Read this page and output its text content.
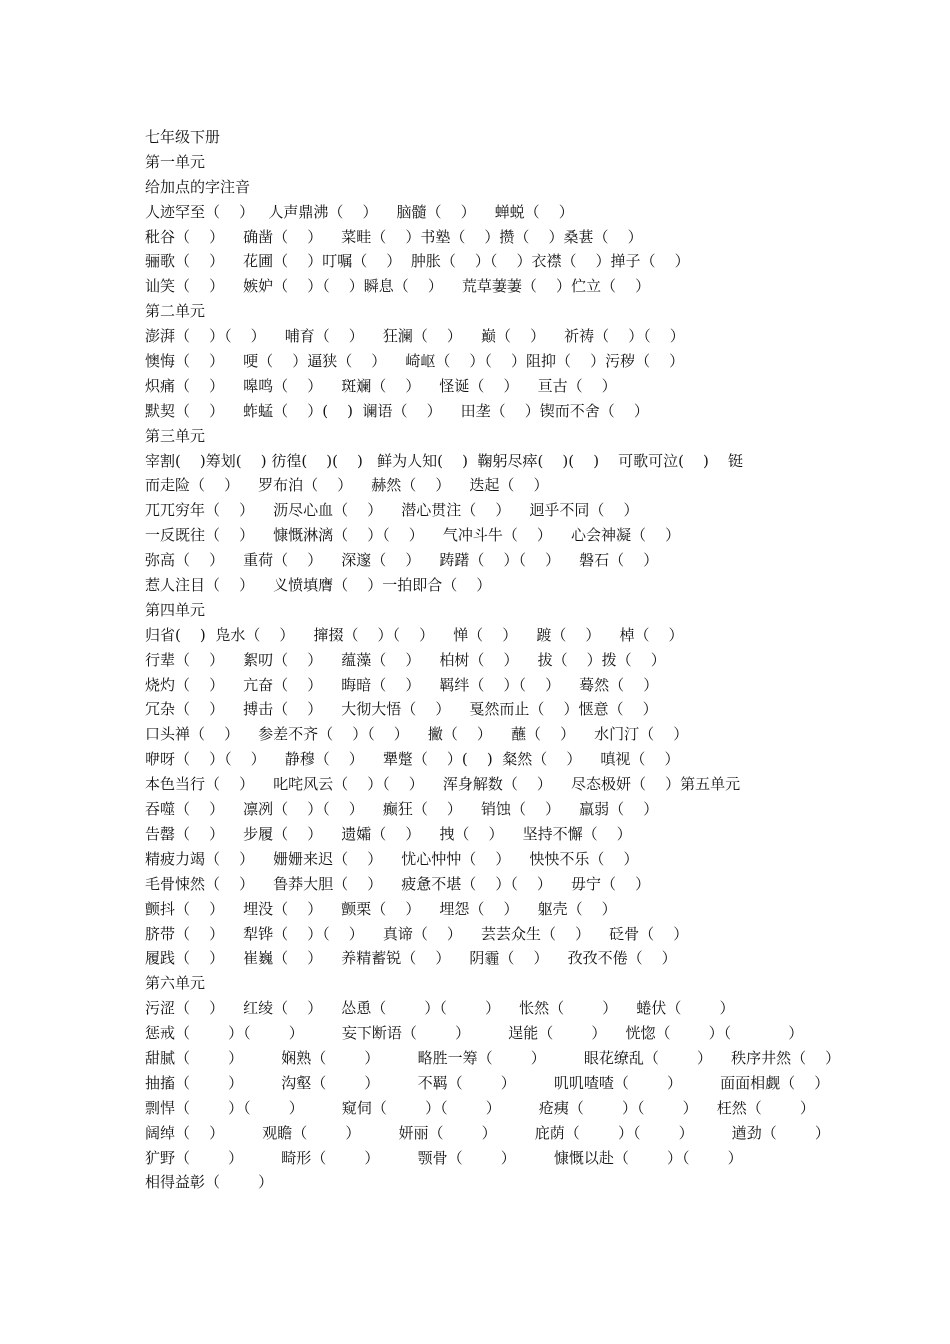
七年级下册
第一单元
给加点的字注音
人迹罕至（    ）   人声鼎沸（    ）    脑髓（    ）    蝉蜕（    ）
秕谷（    ）    确凿（    ）    菜畦（    ）书塾（    ）攒（    ）桑葚（    ）
骊歌（    ）    花圃（    ）叮嘱（    ）  肿胀（    ）（    ）衣襟（    ）掸子（    ）
讪笑（    ）    嫉妒（    ）（    ）瞬息（    ）    荒草萋萋（    ）伫立（    ）
第二单元
澎湃（    ）（    ）    哺育（    ）    狂澜（    ）    巅（    ）    祈祷（    ）（    ）
懊悔（    ）    哽（    ）逼狭（    ）    崎岖（    ）（    ）阻抑（    ）污秽（    ）
炽痛（    ）    嗥鸣（    ）    斑斓（    ）    怪诞（    ）    亘古（    ）
默契（    ）    蚱蜢（    ）(    )  谰语（    ）    田垄（    ）锲而不舍（    ）
第三单元
宰割(    )筹划(    ) 彷徨(    )(    )   鲜为人知(    )  鞠躬尽瘁(    )(    )    可歌可泣(    )    铤
而走险（    ）    罗布泊（    ）    赫然（    ）    迭起（    ）
兀兀穷年（    ）    沥尽心血（    ）    潜心贯注（    ）    迥乎不同（    ）
一反既往（    ）    慷慨淋漓（    ）（    ）    气冲斗牛（    ）    心会神凝（    ）
弥高（    ）    重荷（    ）    深邃（    ）    踌躇（    ）（    ）    磐石（    ）
惹人注目（    ）    义愤填膺（    ）一拍即合（    ）
第四单元
归省(    )  凫水（    ）    撺掇（    ）（    ）    惮（    ）    踱（    ）    棹（    ）
行辈（    ）    絮叨（    ）    蕴藻（    ）    柏树（    ）    拔（    ）拨（    ）
烧灼（    ）    亢奋（    ）    晦暗（    ）    羁绊（    ）（    ）    蓦然（    ）
冗杂（    ）    搏击（    ）    大彻大悟（    ）    戛然而止（    ）惬意（    ）
口头禅（    ）    参差不齐（    ）（    ）    撇（    ）    蘸（    ）    水门汀（    ）
咿呀（    ）（    ）    静穆（    ）    犟蹩（    ）(    )  粲然（    ）    嗔视（    ）
本色当行（    ）    叱咤风云（    ）（    ）    浑身解数（    ）    尽态极妍（    ）第五单元
吞噬（    ）    凛冽（    ）（    ）    癫狂（    ）    销蚀（    ）    羸弱（    ）
告罄（    ）    步履（    ）    遗孀（    ）    拽（    ）    坚持不懈（    ）
精疲力竭（    ）    姗姗来迟（    ）    忧心忡忡（    ）    怏怏不乐（    ）
毛骨悚然（    ）    鲁莽大胆（    ）    疲惫不堪（    ）（    ）    毋宁（    ）
颤抖（    ）    埋没（    ）    颤栗（    ）    埋怨（    ）    躯壳（    ）
脐带（    ）    犁铧（    ）（    ）    真谛（    ）    芸芸众生（    ）    砭骨（    ）
履践（    ）    崔巍（    ）    养精蓄锐（    ）    阴霾（    ）    孜孜不倦（    ）
第六单元
污涩（    ）    红绫（    ）    怂恿（        ）（        ）    怅然（        ）    蜷伏（        ）
惩戒（        ）（        ）        妄下断语（        ）        逞能（        ）    恍惚（        ）（            ）
甜腻（        ）        娴熟（        ）        略胜一筹（        ）        眼花缭乱（        ）    秩序井然（    ）
抽搐（        ）        沟壑（        ）        不羁（        ）        叽叽喳喳（        ）        面面相觑（    ）
剽悍（        ）（        ）        窥伺（        ）（        ）        疮痍（        ）（        ）    枉然（        ）
阔绰（    ）        观瞻（        ）        妍丽（        ）        庇荫（        ）（        ）        遒劲（        ）
犷野（        ）        畸形（        ）        颚骨（        ）        慷慨以赴（        ）（        ）
相得益彰（        ）
